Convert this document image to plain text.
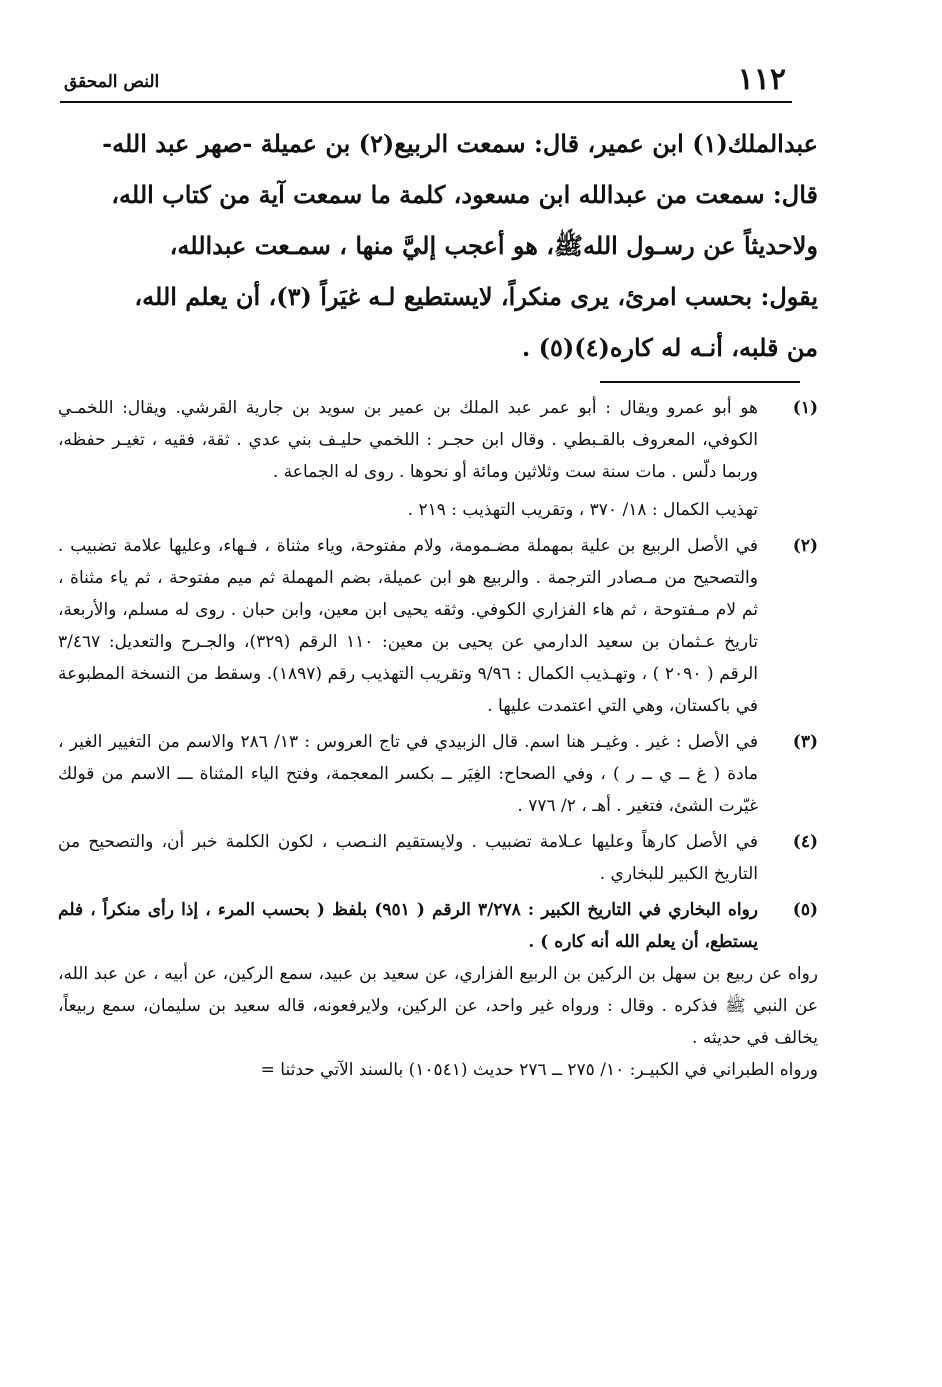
١١٢
النص المحقق

عبدالملك(١) ابن عمير، قال: سمعت الربيع(٢) بن عميلة -صهر عبد الله-

قال: سمعت من عبدالله ابن مسعود، كلمة ما سمعت آية من كتاب الله،

ولاحديثاً عن رسـول اللهﷺ، هو أعجب إليَّ منها ، سمـعت عبدالله،

يقول: بحسب امرئ، يرى منكراً، لايستطيع لـه غيَراً (٣)، أن يعلم الله،

من قلبه، أنـه له كاره(٤)(٥) .

(١)

هو أبو عمرو ويقال : أبو عمر عبد الملك بن عمير بن سويد بن جارية القرشي. ويقال: اللخمـي الكوفي، المعروف بالقـبطي . وقال ابن حجـر : اللخمي حليـف بني عدي . ثقة، فقيه ، تغيـر حفظه، وربما دلّس . مات سنة ست وثلاثين ومائة أو نحوها . روى له الجماعة .

تهذيب الكمال : ١٨/ ٣٧٠ ، وتقريب التهذيب : ٢١٩ .

(٢)

في الأصل الربيع بن علية بمهملة مضـمومة، ولام مفتوحة، وياء مثناة ، فـهاء، وعليها علامة تضبيب . والتصحيح من مـصادر الترجمة . والربيع هو ابن عميلة، بضم المهملة ثم ميم مفتوحة ، ثم ياء مثناة ، ثم لام مـفتوحة ، ثم هاء الفزاري الكوفي. وثقه يحيى ابن معين، وابن حبان . روى له مسلم، والأربعة، تاريخ عـثمان بن سعيد الدارمي عن يحيى بن معين: ١١٠ الرقم (٣٢٩)، والجـرح والتعديل: ٣/٤٦٧ الرقم ( ٢٠٩٠ ) ، وتهـذيب الكمال : ٩/٩٦ وتقريب التهذيب رقم (١٨٩٧). وسقط من النسخة المطبوعة في باكستان، وهي التي اعتمدت عليها .

(٣)

في الأصل : غير . وغيـر هنا اسم. قال الزبيدي في تاج العروس : ١٣/ ٢٨٦ والاسم من التغيير الغير ، مادة ( غ ــ ي ــ ر ) ، وفي الصحاح: الغِيَر ــ بكسر المعجمة، وفتح الياء المثناة ـــ الاسم من قولك غيّرت الشئ، فتغير . أهـ ، ٢/ ٧٧٦ .

(٤)

في الأصل كارهاً وعليها عـلامة تضبيب . ولايستقيم النـصب ، لكون الكلمة خبر أن، والتصحيح من التاريخ الكبير للبخاري .

(٥)

رواه البخاري في التاريخ الكبير : ٣/٢٧٨ الرقم ( ٩٥١) بلفظ ( بحسب المرء ، إذا رأى منكراً ، فلم يستطع، أن يعلم الله أنه كاره ) .

رواه عن ربيع بن سهل بن الركين بن الربيع الفزاري، عن سعيد بن عبيد، سمع الركين، عن أبيه ، عن عبد الله، عن النبي ﷺ فذكره . وقال : ورواه غير واحد، عن الركين، ولايرفعونه، قاله سعيد بن سليمان، سمع ربيعاً، يخالف في حديثه .

ورواه الطبراني في الكبيـر: ١٠/ ٢٧٥ ــ ٢٧٦ حديث (١٠٥٤١) بالسند الآتي حدثنا =
